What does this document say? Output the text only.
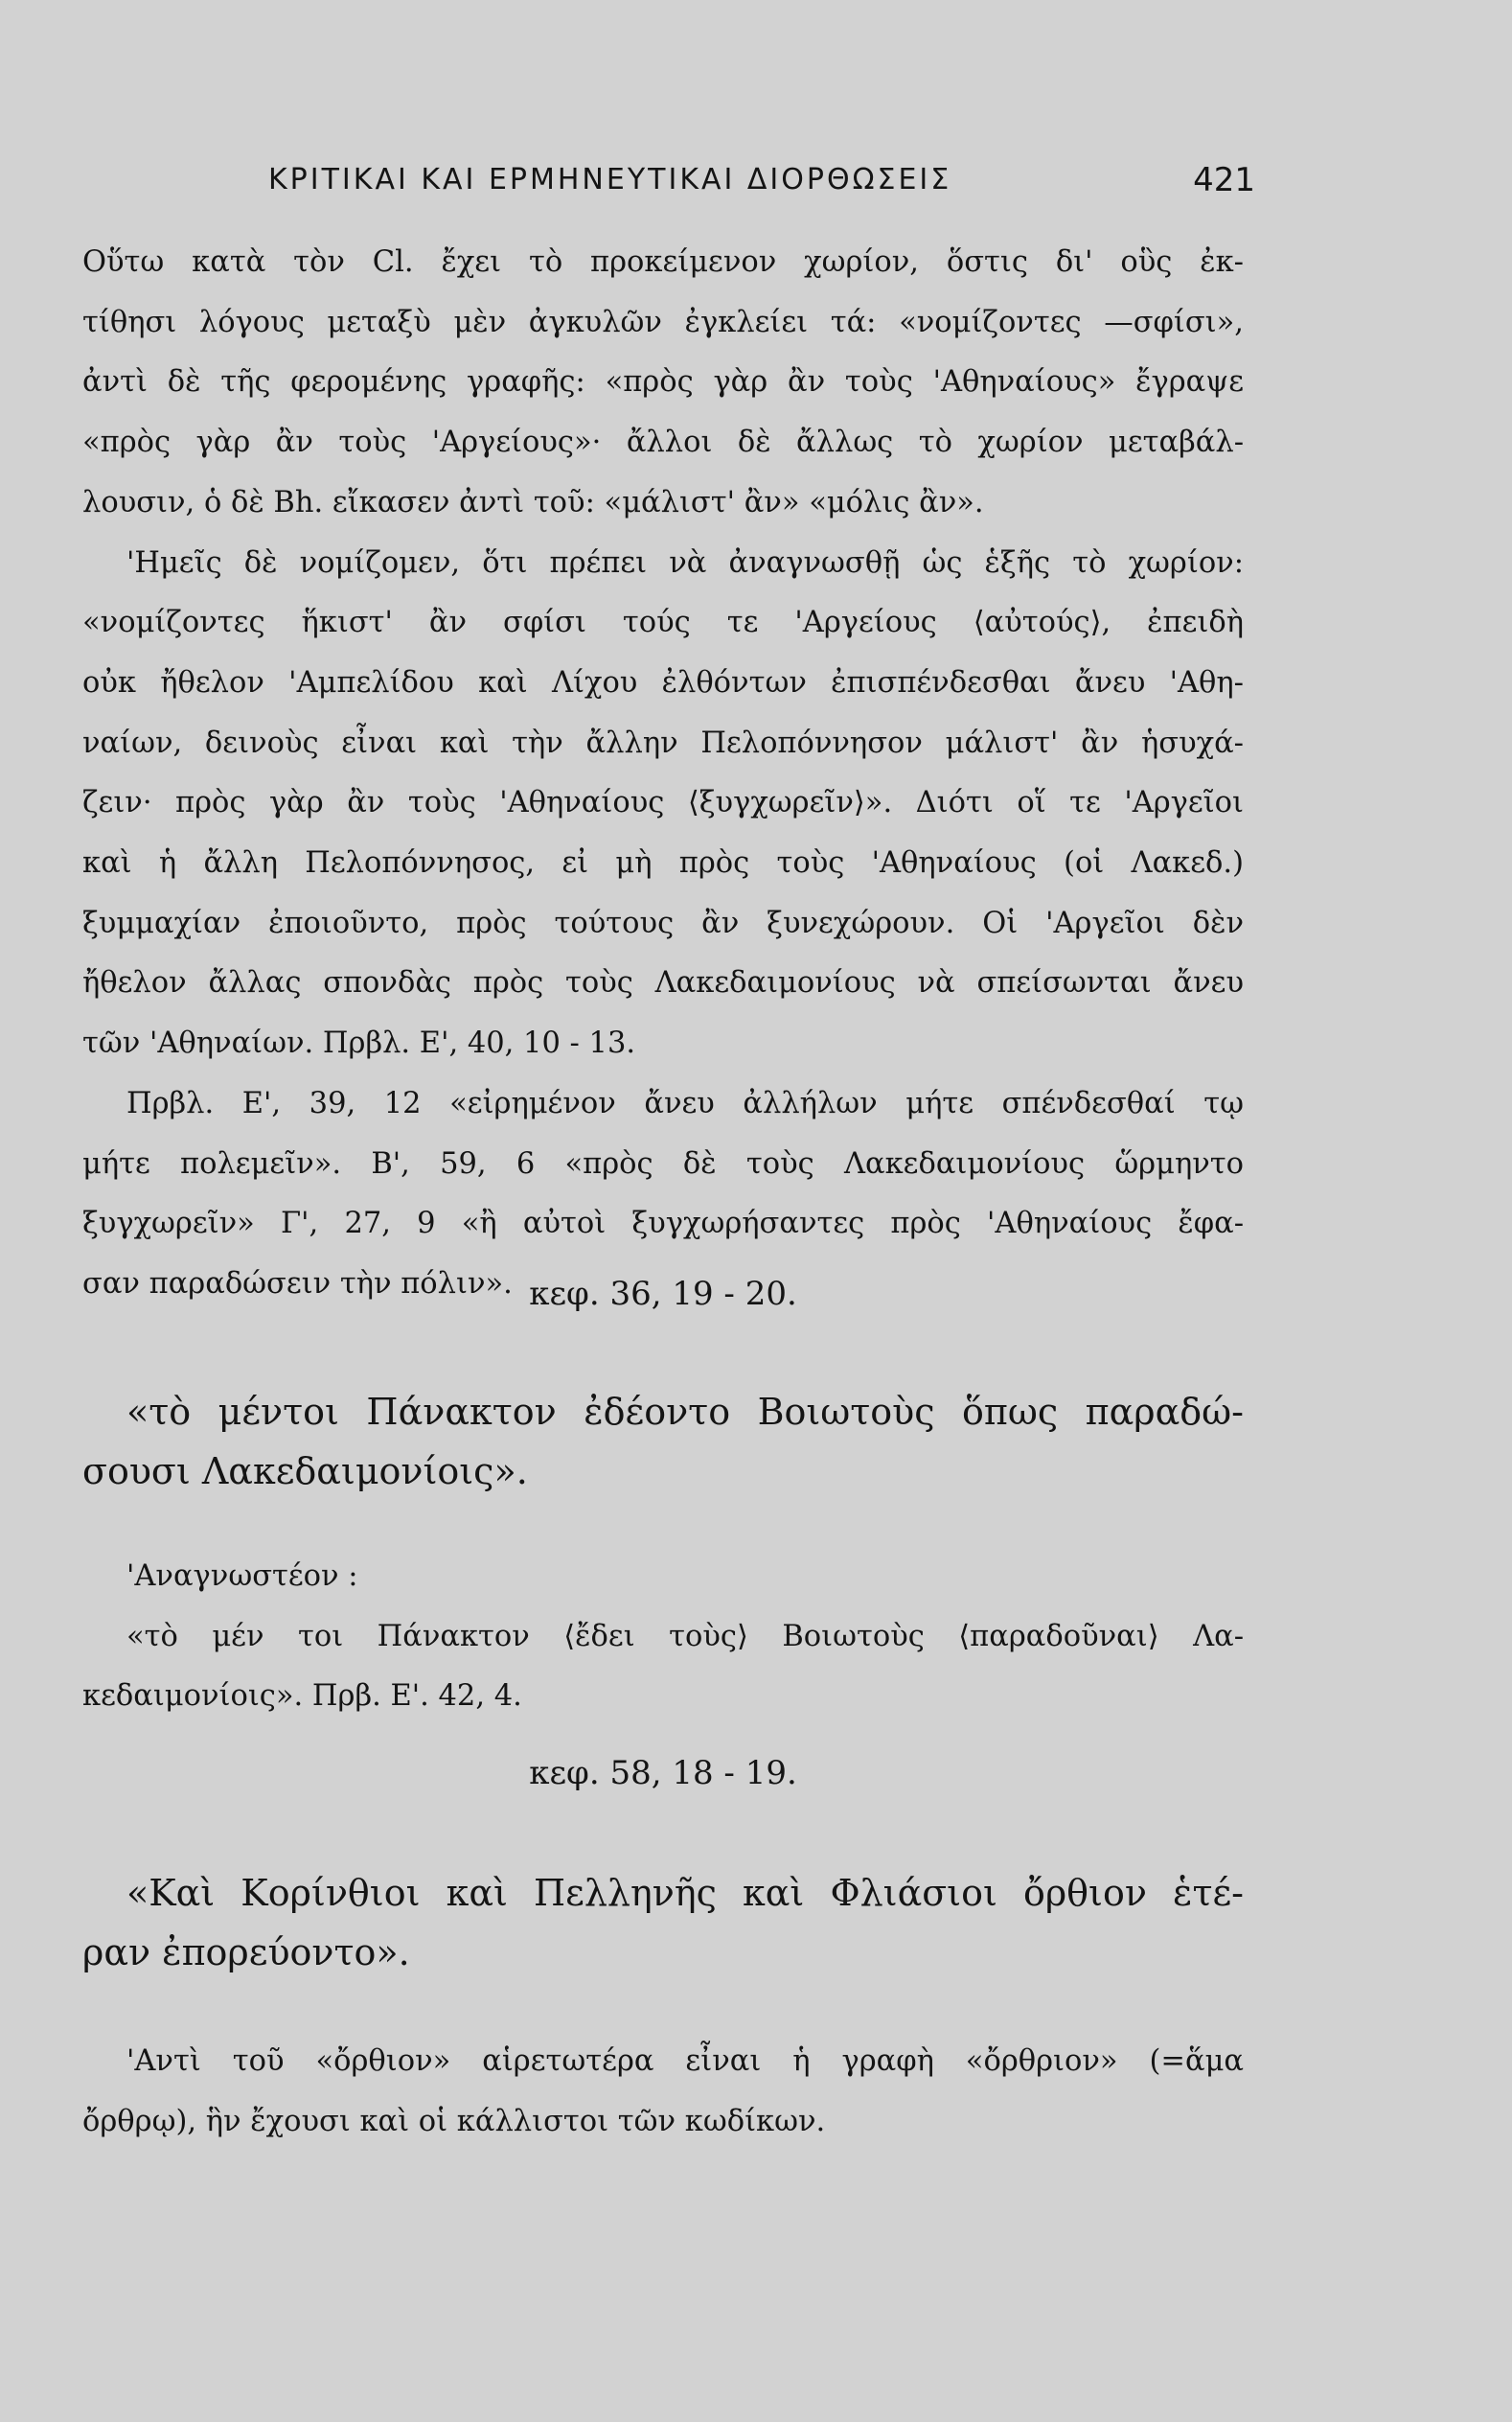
ΚΡΙΤΙΚΑΙ ΚΑΙ ΕΡΜΗΝΕΥΤΙΚΑΙ ΔΙΟΡΘΩΣΕΙΣ	421
Οὕτω κατὰ τὸν Cl. ἔχει τὸ προκείμενον χωρίον, ὅστις δι' οὓς ἐκ-
τίθησι λόγους μεταξὺ μὲν ἀγκυλῶν ἐγκλείει τά: «νομίζοντες —σφίσι»,
ἀντὶ δὲ τῆς φερομένης γραφῆς: «πρὸς γὰρ ἂν τοὺς 'Αθηναίους» ἔγραψε
«πρὸς γὰρ ἂν τοὺς 'Αργείους»· ἄλλοι δὲ ἄλλως τὸ χωρίον μεταβάλ-
λουσιν, ὁ δὲ Bh. εἴκασεν ἀντὶ τοῦ: «μάλιστ' ἂν» «μόλις ἂν».
'Ημεῖς δὲ νομίζομεν, ὅτι πρέπει νὰ ἀναγνωσθῇ ὡς ἑξῆς τὸ χωρίον:
«νομίζοντες ἥκιστ' ἂν σφίσι τούς τε 'Αργείους ⟨αὐτούς⟩, ἐπειδὴ
οὐκ ἤθελον 'Αμπελίδου καὶ Λίχου ἐλθόντων ἐπισπένδεσθαι ἄνευ 'Αθη-
ναίων, δεινοὺς εἶναι καὶ τὴν ἄλλην Πελοπόννησον μάλιστ' ἂν ἡσυχά-
ζειν· πρὸς γὰρ ἂν τοὺς 'Αθηναίους ⟨ξυγχωρεῖν⟩». Διότι οἵ τε 'Αργεῖοι
καὶ ἡ ἄλλη Πελοπόννησος, εἰ μὴ πρὸς τοὺς 'Αθηναίους (οἱ Λακεδ.)
ξυμμαχίαν ἐποιοῦντο, πρὸς τούτους ἂν ξυνεχώρουν. Οἱ 'Αργεῖοι δὲν
ἤθελον ἄλλας σπονδὰς πρὸς τοὺς Λακεδαιμονίους νὰ σπείσωνται ἄνευ
τῶν 'Αθηναίων. Πρβλ. Ε', 40, 10 - 13.
Πρβλ. Ε', 39, 12 «εἰρημένον ἄνευ ἀλλήλων μήτε σπένδεσθαί τῳ
μήτε πολεμεῖν». Β', 59, 6 «πρὸς δὲ τοὺς Λακεδαιμονίους ὥρμηντο
ξυγχωρεῖν» Γ', 27, 9 «ἢ αὐτοὶ ξυγχωρήσαντες πρὸς 'Αθηναίους ἔφα-
σαν παραδώσειν τὴν πόλιν». κεφ. 36, 19 - 20.
«τὸ μέντοι Πάνακτον ἐδέοντο Βοιωτοὺς ὅπως παραδώ-
σουσι Λακεδαιμονίοις».
'Αναγνωστέον :
«τὸ μέν τοι Πάνακτον ⟨ἔδει τοὺς⟩ Βοιωτοὺς ⟨παραδοῦναι⟩ Λα-
κεδαιμονίοις». Πρβ. Ε'. 42, 4.
κεφ. 58, 18 - 19.
«Καὶ Κορίνθιοι καὶ Πελληνῆς καὶ Φλιάσιοι ὄρθιον ἑτέ-
ραν ἐπορεύοντο».
'Αντὶ τοῦ «ὄρθιον» αἱρετωτέρα εἶναι ἡ γραφὴ «ὄρθριον» (=ἅμα
ὄρθρῳ), ἣν ἔχουσι καὶ οἱ κάλλιστοι τῶν κωδίκων.
